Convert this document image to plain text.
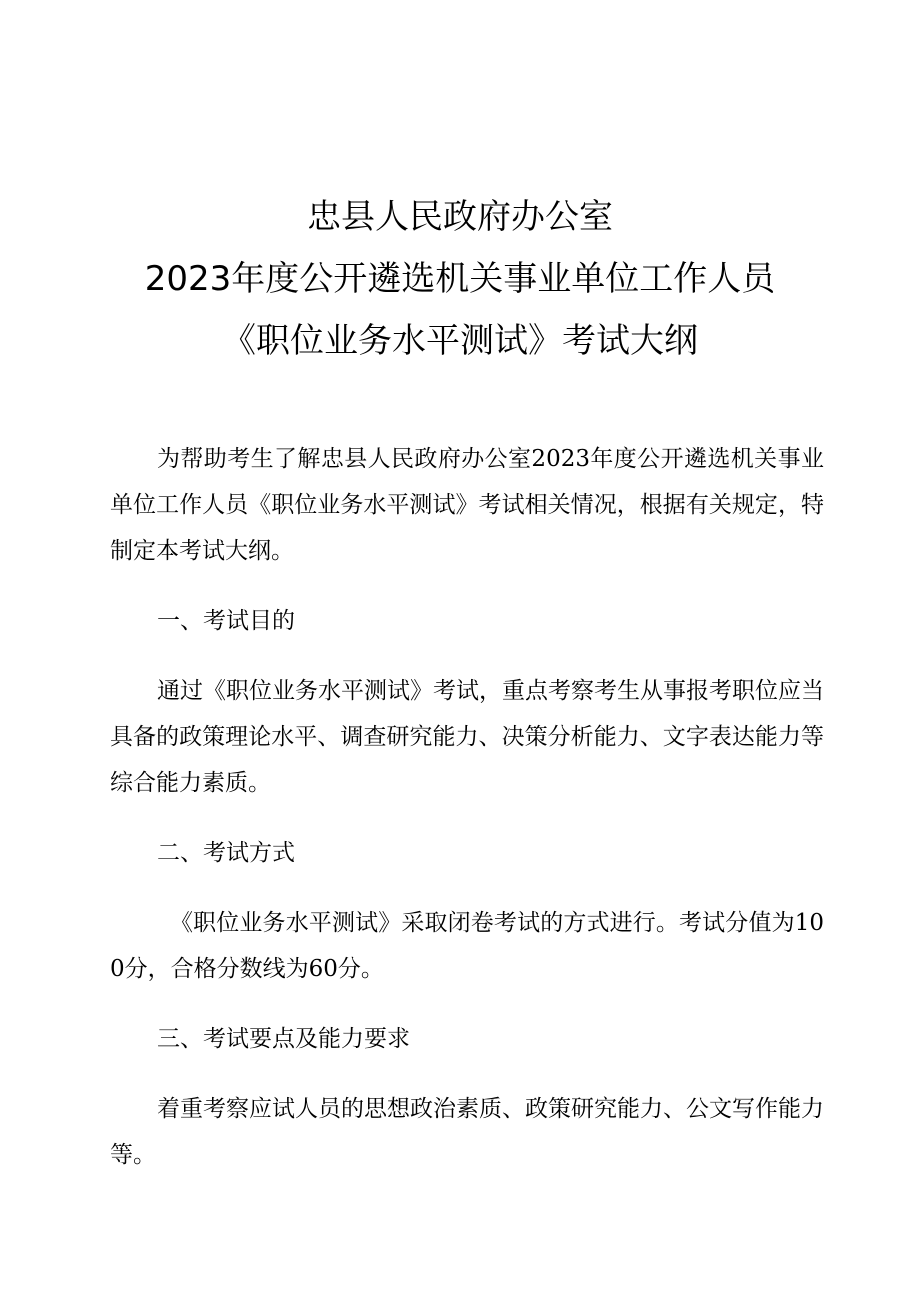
忠县人民政府办公室
2023年度公开遴选机关事业单位工作人员
《职位业务水平测试》考试大纲

为帮助考生了解忠县人民政府办公室2023年度公开遴选机关事业单位工作人员《职位业务水平测试》考试相关情况，根据有关规定，特制定本考试大纲。

一、考试目的

通过《职位业务水平测试》考试，重点考察考生从事报考职位应当具备的政策理论水平、调查研究能力、决策分析能力、文字表达能力等综合能力素质。

二、考试方式

《职位业务水平测试》采取闭卷考试的方式进行。考试分值为100分，合格分数线为60分。

三、考试要点及能力要求

着重考察应试人员的思想政治素质、政策研究能力、公文写作能力等。
